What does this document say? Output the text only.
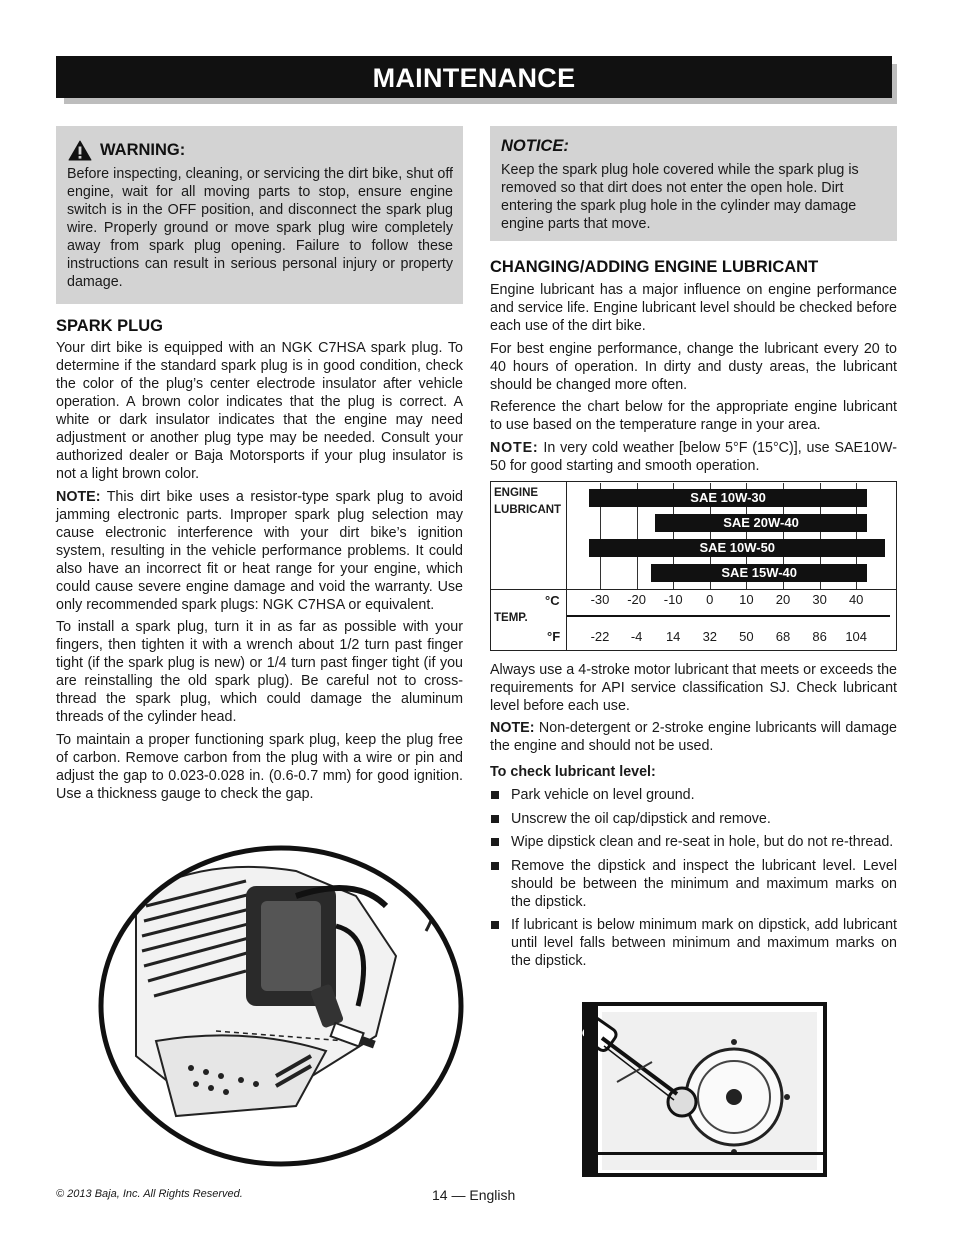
MAINTENANCE
WARNING:

Before inspecting, cleaning, or servicing the dirt bike, shut off engine, wait for all moving parts to stop, ensure engine switch is in the OFF position, and disconnect the spark plug wire. Properly ground or move spark plug wire completely away from spark plug opening. Failure to follow these instructions can result in serious personal injury or property damage.

SPARK PLUG

Your dirt bike is equipped with an NGK C7HSA spark plug. To determine if the standard spark plug is in good condition, check the color of the plug’s center electrode insulator after vehicle operation. A brown color indicates that the plug is correct. A white or dark insulator indicates that the engine may need adjustment or another plug type may be needed. Consult your authorized dealer or Baja Motorsports if your plug insulator is not a light brown color.

NOTE: This dirt bike uses a resistor-type spark plug to avoid jamming electronic parts. Improper spark plug selection may cause electronic interference with your dirt bike’s ignition system, resulting in the vehicle performance problems. It could also have an incorrect fit or heat range for your engine, which could cause severe engine damage and void the warranty. Use only recommended spark plugs: NGK C7HSA or equivalent.

To install a spark plug, turn it in as far as possible with your fingers, then tighten it with a wrench about 1/2 turn past finger tight (if the spark plug is new) or 1/4 turn past finger tight (if you are reinstalling the old spark plug). Be careful not to cross-thread the spark plug, which could damage the aluminum threads of the cylinder head.

To maintain a proper functioning spark plug, keep the plug free of carbon. Remove carbon from the plug with a wire or pin and adjust the gap to 0.023-0.028 in. (0.6-0.7 mm) for good ignition. Use a thickness gauge to check the gap.

NOTICE:

Keep the spark plug hole covered while the spark plug is removed so that dirt does not enter the open hole. Dirt entering the spark plug hole in the cylinder may damage engine parts that move.

CHANGING/ADDING ENGINE LUBRICANT

Engine lubricant has a major influence on engine performance and service life. Engine lubricant level should be checked before each use of the dirt bike.

For best engine performance, change the lubricant every 20 to 40 hours of operation. In dirty and dusty areas, the lubricant should be changed more often.

Reference the chart below for the appropriate engine lubricant to use based on the temperature range in your area.

NOTE: In very cold weather [below 5°F (15°C)], use SAE10W-50 for good starting and smooth operation.

ENGINE
LUBRICANT
TEMP.
°C
°F
-30
-22
-20
-4
-10
14
0
32
10
50
20
68
30
86
40
104
SAE 10W-30
SAE 20W-40
SAE 10W-50
SAE 15W-40

Always use a 4-stroke motor lubricant that meets or exceeds the requirements for API service classification SJ. Check lubricant level before each use.

NOTE: Non-detergent or 2-stroke engine lubricants will damage the engine and should not be used.

To check lubricant level:
Park vehicle on level ground.
Unscrew the oil cap/dipstick and remove.
Wipe dipstick clean and re-seat in hole, but do not re-thread.
Remove the dipstick and inspect the lubricant level. Level should be between the minimum and maximum marks on the dipstick.
If lubricant is below minimum mark on dipstick, add lubricant until level falls between minimum and maximum marks on the dipstick.
© 2013 Baja, Inc. All Rights Reserved.	14 — English
